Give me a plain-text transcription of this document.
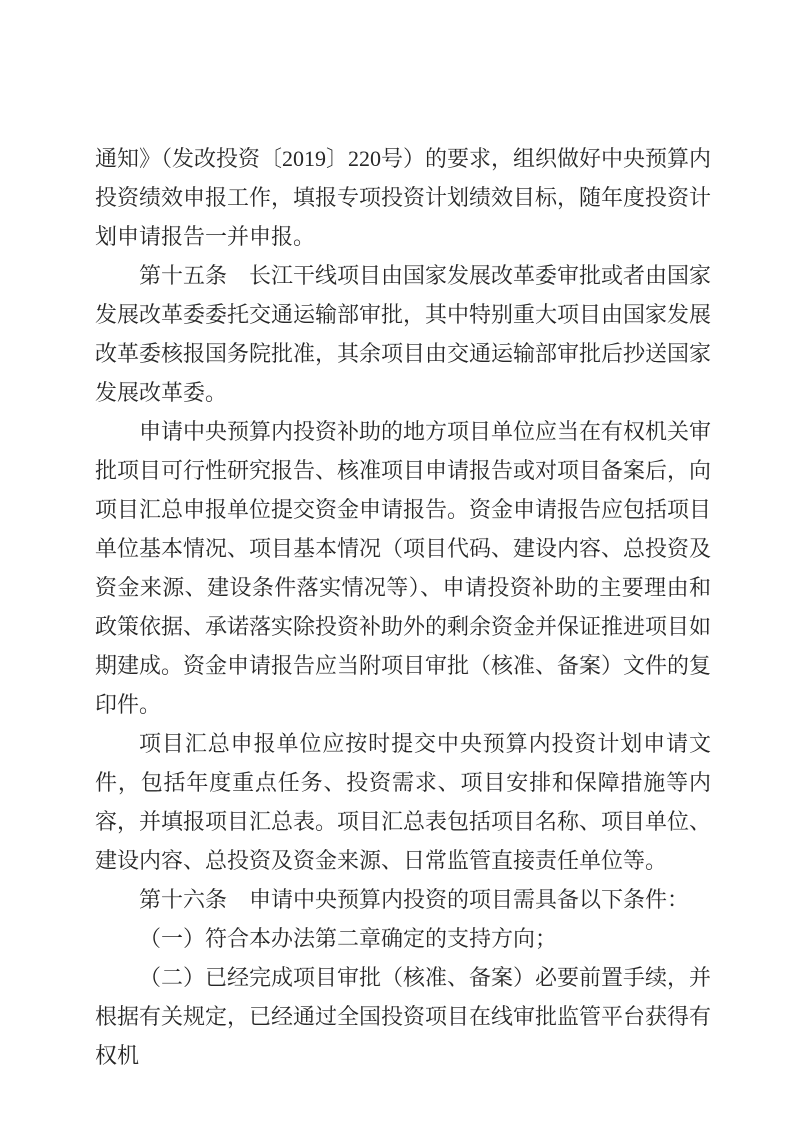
通知》（发改投资〔2019〕220号）的要求，组织做好中央预算内投资绩效申报工作，填报专项投资计划绩效目标，随年度投资计划申请报告一并申报。

第十五条　长江干线项目由国家发展改革委审批或者由国家发展改革委委托交通运输部审批，其中特别重大项目由国家发展改革委核报国务院批准，其余项目由交通运输部审批后抄送国家发展改革委。

申请中央预算内投资补助的地方项目单位应当在有权机关审批项目可行性研究报告、核准项目申请报告或对项目备案后，向项目汇总申报单位提交资金申请报告。资金申请报告应包括项目单位基本情况、项目基本情况（项目代码、建设内容、总投资及资金来源、建设条件落实情况等）、申请投资补助的主要理由和政策依据、承诺落实除投资补助外的剩余资金并保证推进项目如期建成。资金申请报告应当附项目审批（核准、备案）文件的复印件。

项目汇总申报单位应按时提交中央预算内投资计划申请文件，包括年度重点任务、投资需求、项目安排和保障措施等内容，并填报项目汇总表。项目汇总表包括项目名称、项目单位、建设内容、总投资及资金来源、日常监管直接责任单位等。

第十六条　申请中央预算内投资的项目需具备以下条件：

（一）符合本办法第二章确定的支持方向；

（二）已经完成项目审批（核准、备案）必要前置手续，并根据有关规定，已经通过全国投资项目在线审批监管平台获得有权机
